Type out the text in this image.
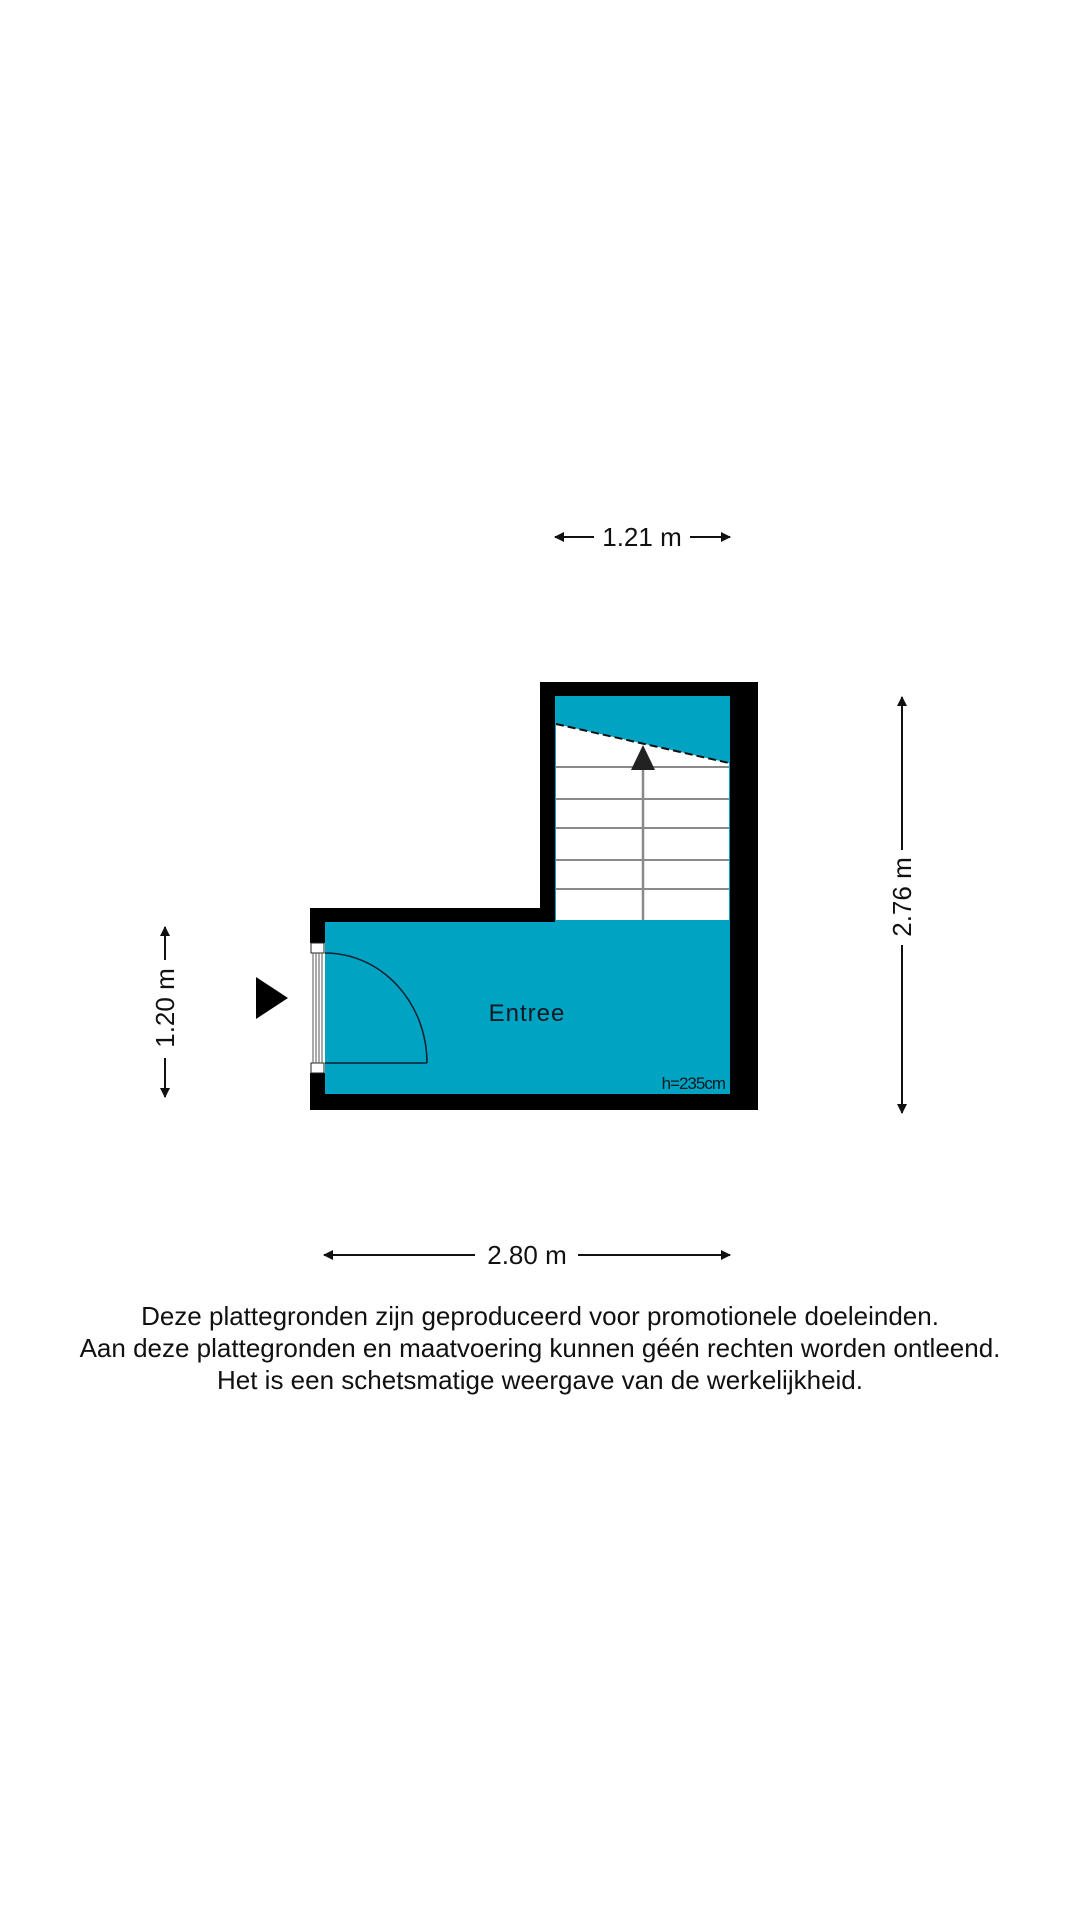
1.21 m
Entree
h=235cm
1.20 m
2.76 m
2.80 m
Deze plattegronden zijn geproduceerd voor promotionele doeleinden.
Aan deze plattegronden en maatvoering kunnen géén rechten worden ontleend.
Het is een schetsmatige weergave van de werkelijkheid.
